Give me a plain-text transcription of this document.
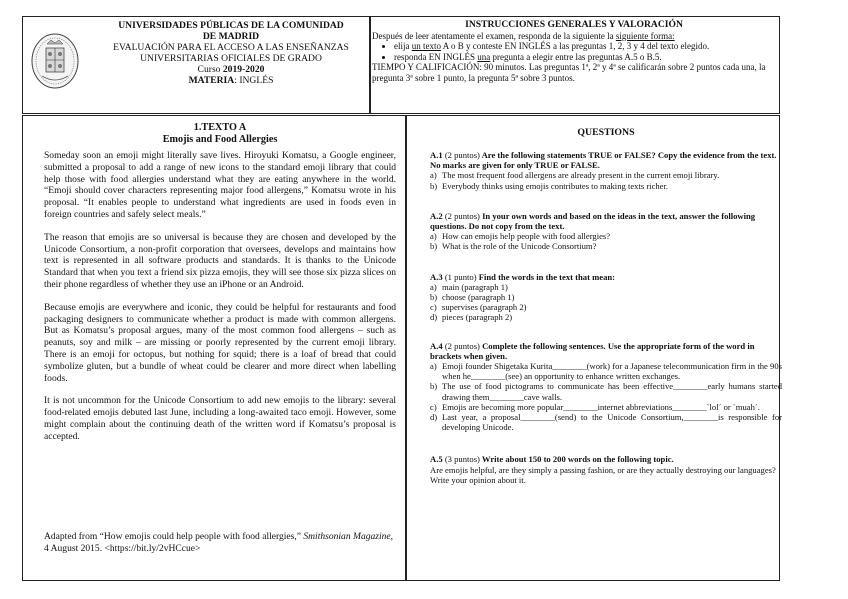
UNIVERSIDADES PÚBLICAS DE LA COMUNIDAD
DE MADRID
EVALUACIÓN PARA EL ACCESO A LAS ENSEÑANZAS
UNIVERSITARIAS OFICIALES DE GRADO
Curso 2019-2020
MATERIA: INGLÉS
INSTRUCCIONES GENERALES Y VALORACIÓN
Después de leer atentamente el examen, responda de la siguiente la siguiente forma:
• elija un texto A o B y conteste EN INGLÉS a las preguntas 1, 2, 3 y 4 del texto elegido.
• responda EN INGLÉS una pregunta a elegir entre las preguntas A.5 o B.5.
TIEMPO Y CALIFICACIÓN: 90 minutos. Las preguntas 1ª, 2ª y 4ª se calificarán sobre 2 puntos cada una, la pregunta 3ª sobre 1 punto, la pregunta 5ª sobre 3 puntos.
1.TEXTO A
Emojis and Food Allergies

Someday soon an emoji might literally save lives. Hiroyuki Komatsu, a Google engineer, submitted a proposal to add a range of new icons to the standard emoji library that could help those with food allergies understand what they are eating anywhere in the world. “Emoji should cover characters representing major food allergens,” Komatsu wrote in his proposal. “It enables people to understand what ingredients are used in foods even in foreign countries and safely select meals.”

The reason that emojis are so universal is because they are chosen and developed by the Unicode Consortium, a non-profit corporation that oversees, develops and maintains how text is represented in all software products and standards. It is thanks to the Unicode Standard that when you text a friend six pizza emojis, they will see those six pizza slices on their phone regardless of whether they use an iPhone or an Android.

Because emojis are everywhere and iconic, they could be helpful for restaurants and food packaging designers to communicate whether a product is made with common allergens. But as Komatsu’s proposal argues, many of the most common food allergens – such as peanuts, soy and milk – are missing or poorly represented by the current emoji library. There is an emoji for octopus, but nothing for squid; there is a loaf of bread that could symbolize gluten, but a bundle of wheat could be clearer and more direct when labelling foods.

It is not uncommon for the Unicode Consortium to add new emojis to the library: several food-related emojis debuted last June, including a long-awaited taco emoji. However, some might complain about the continuing death of the written word if Komatsu’s proposal is accepted.

Adapted from “How emojis could help people with food allergies,” Smithsonian Magazine, 4 August 2015. <https://bit.ly/2vHCcue>
QUESTIONS
A.1 (2 puntos) Are the following statements TRUE or FALSE? Copy the evidence from the text. No marks are given for only TRUE or FALSE.
a) The most frequent food allergens are already present in the current emoji library.
b) Everybody thinks using emojis contributes to making texts richer.
A.2 (2 puntos) In your own words and based on the ideas in the text, answer the following questions. Do not copy from the text.
a) How can emojis help people with food allergies?
b) What is the role of the Unicode Consortium?
A.3 (1 punto) Find the words in the text that mean:
a) main (paragraph 1)
b) choose (paragraph 1)
c) supervises (paragraph 2)
d) pieces (paragraph 2)
A.4 (2 puntos) Complete the following sentences. Use the appropriate form of the word in brackets when given.
a) Emoji founder Shigetaka Kurita________(work) for a Japanese telecommunication firm in the 90s when he________(see) an opportunity to enhance written exchanges.
b) The use of food pictograms to communicate has been effective________early humans started drawing them________cave walls.
c) Emojis are becoming more popular________internet abbreviations________`lol´ or `muah´.
d) Last year, a proposal________(send) to the Unicode Consortium,________is responsible for developing Unicode.
A.5 (3 puntos) Write about 150 to 200 words on the following topic.
Are emojis helpful, are they simply a passing fashion, or are they actually destroying our languages? Write your opinion about it.
